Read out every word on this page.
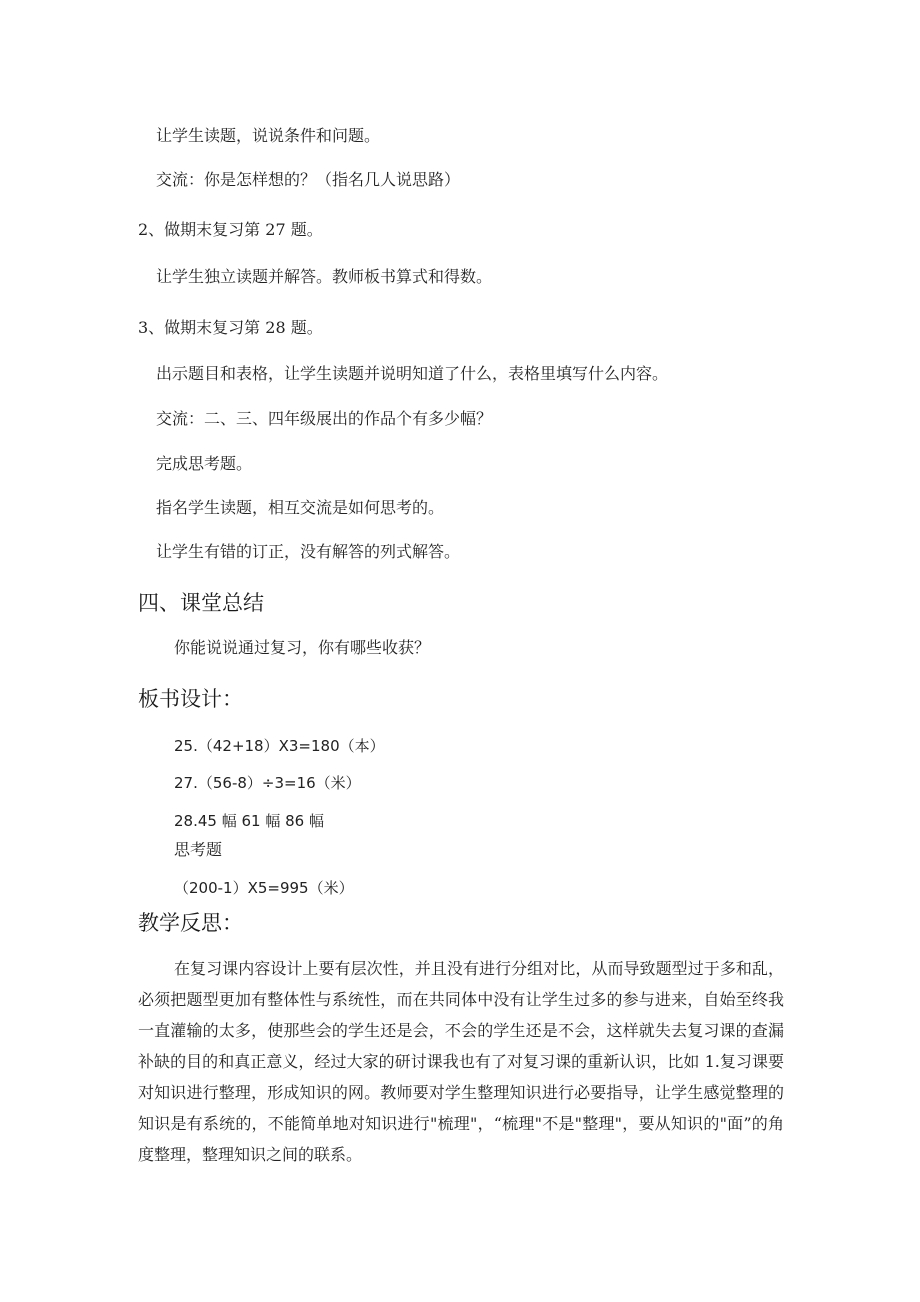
让学生读题，说说条件和问题。
交流：你是怎样想的？（指名几人说思路）
2、做期末复习第 27 题。
让学生独立读题并解答。教师板书算式和得数。
3、做期末复习第 28 题。
出示题目和表格，让学生读题并说明知道了什么，表格里填写什么内容。
交流：二、三、四年级展出的作品个有多少幅？
完成思考题。
指名学生读题，相互交流是如何思考的。
让学生有错的订正，没有解答的列式解答。
四、课堂总结
你能说说通过复习，你有哪些收获？
板书设计：
25.（42+18）X3=180（本）
27.（56-8）÷3=16（米）
28.45 幅 61 幅 86 幅
思考题
（200-1）X5=995（米）
教学反思：
在复习课内容设计上要有层次性，并且没有进行分组对比，从而导致题型过于多和乱，必须把题型更加有整体性与系统性，而在共同体中没有让学生过多的参与进来，自始至终我一直灌输的太多，使那些会的学生还是会，不会的学生还是不会，这样就失去复习课的查漏补缺的目的和真正意义，经过大家的研讨课我也有了对复习课的重新认识，比如 1.复习课要对知识进行整理，形成知识的网。教师要对学生整理知识进行必要指导，让学生感觉整理的知识是有系统的，不能简单地对知识进行"梳理"，“梳理"不是"整理"，要从知识的"面”的角度整理，整理知识之间的联系。
